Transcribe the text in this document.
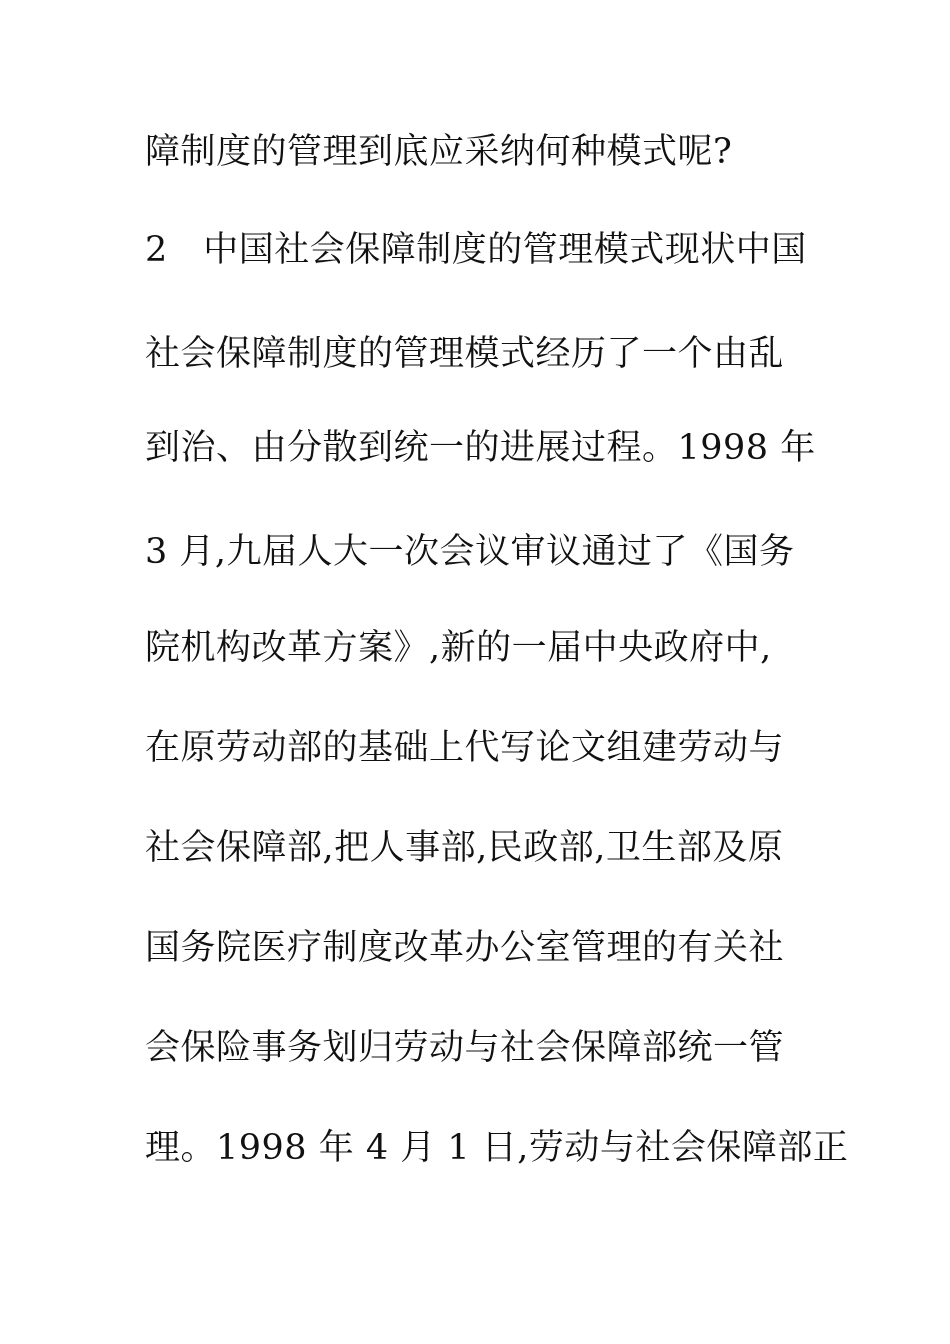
障制度的管理到底应采纳何种模式呢?
2　中国社会保障制度的管理模式现状中国
社会保障制度的管理模式经历了一个由乱
到治、由分散到统一的进展过程。1998 年
3 月,九届人大一次会议审议通过了《国务
院机构改革方案》,新的一届中央政府中,
在原劳动部的基础上代写论文组建劳动与
社会保障部,把人事部,民政部,卫生部及原
国务院医疗制度改革办公室管理的有关社
会保险事务划归劳动与社会保障部统一管
理。1998 年 4 月 1 日,劳动与社会保障部正
